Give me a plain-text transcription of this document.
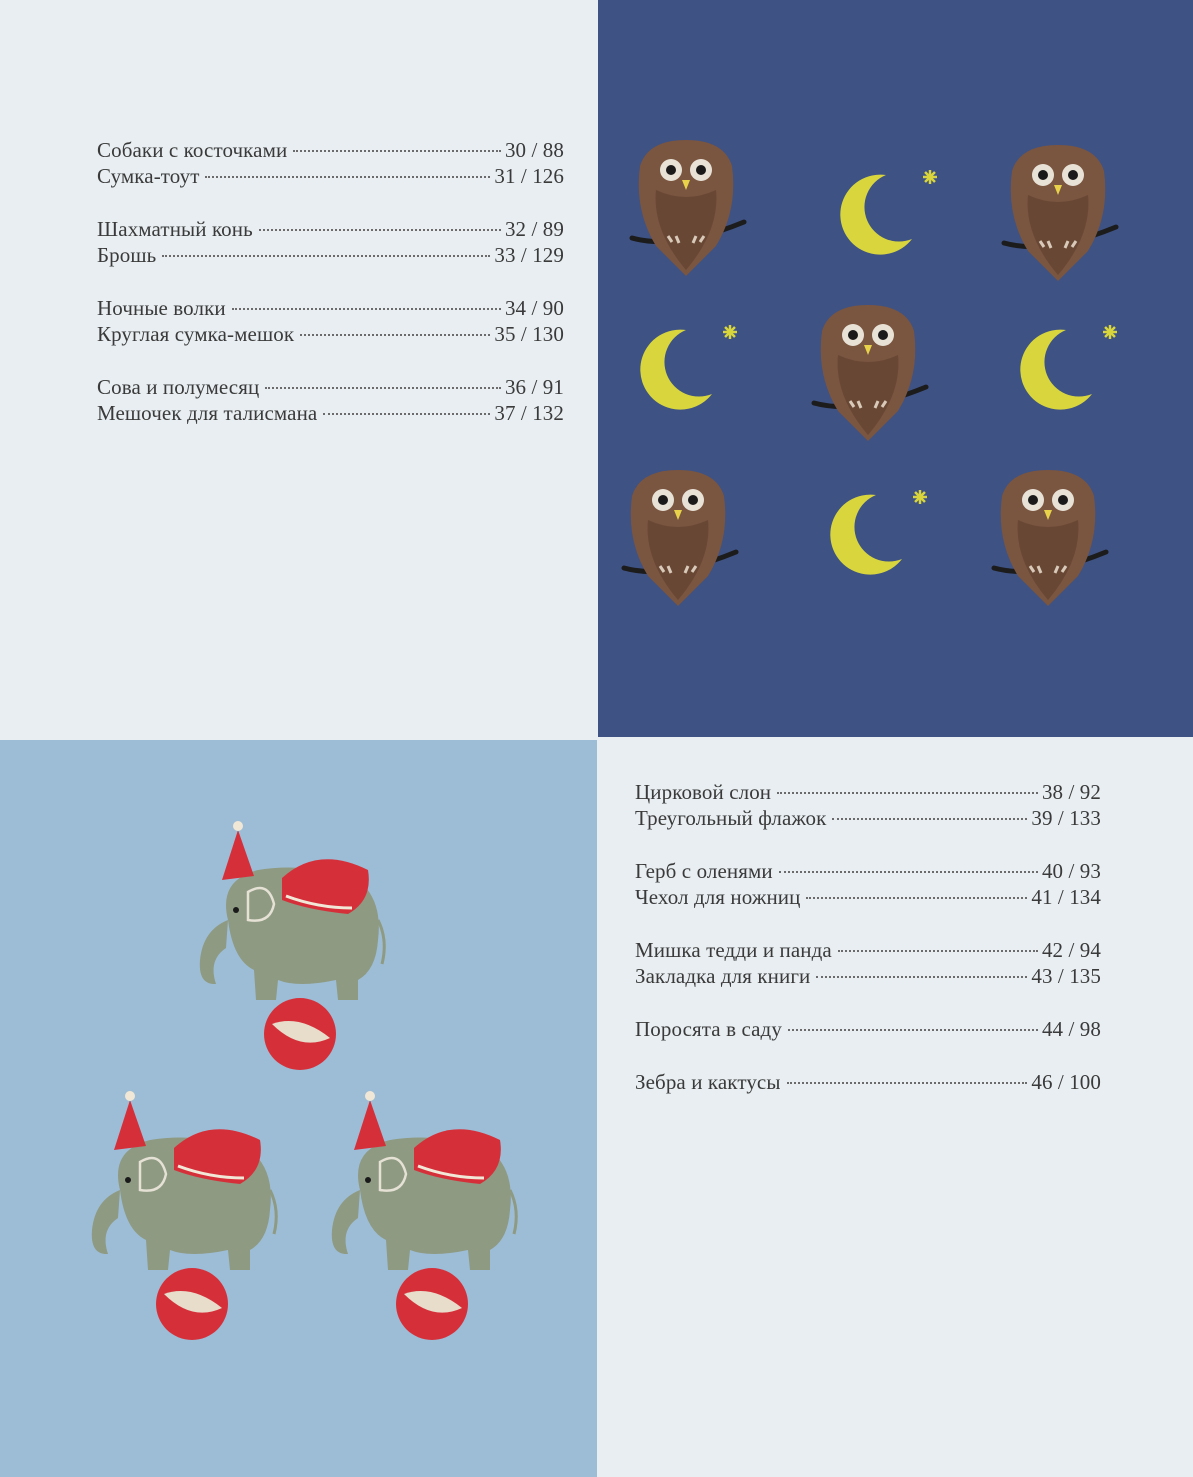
Собаки с косточками	30 / 88
Сумка-тоут	31 / 126
Шахматный конь	32 / 89
Брошь	33 / 129
Ночные волки	34 / 90
Круглая сумка-мешок	35 / 130
Сова и полумесяц	36 / 91
Мешочек для талисмана	37 / 132
Цирковой слон	38 / 92
Треугольный флажок	39 / 133
Герб с оленями	40 / 93
Чехол для ножниц	41 / 134
Мишка тедди и панда	42 / 94
Закладка для книги	43 / 135
Поросята в саду	44 / 98
Зебра и кактусы	46 / 100
